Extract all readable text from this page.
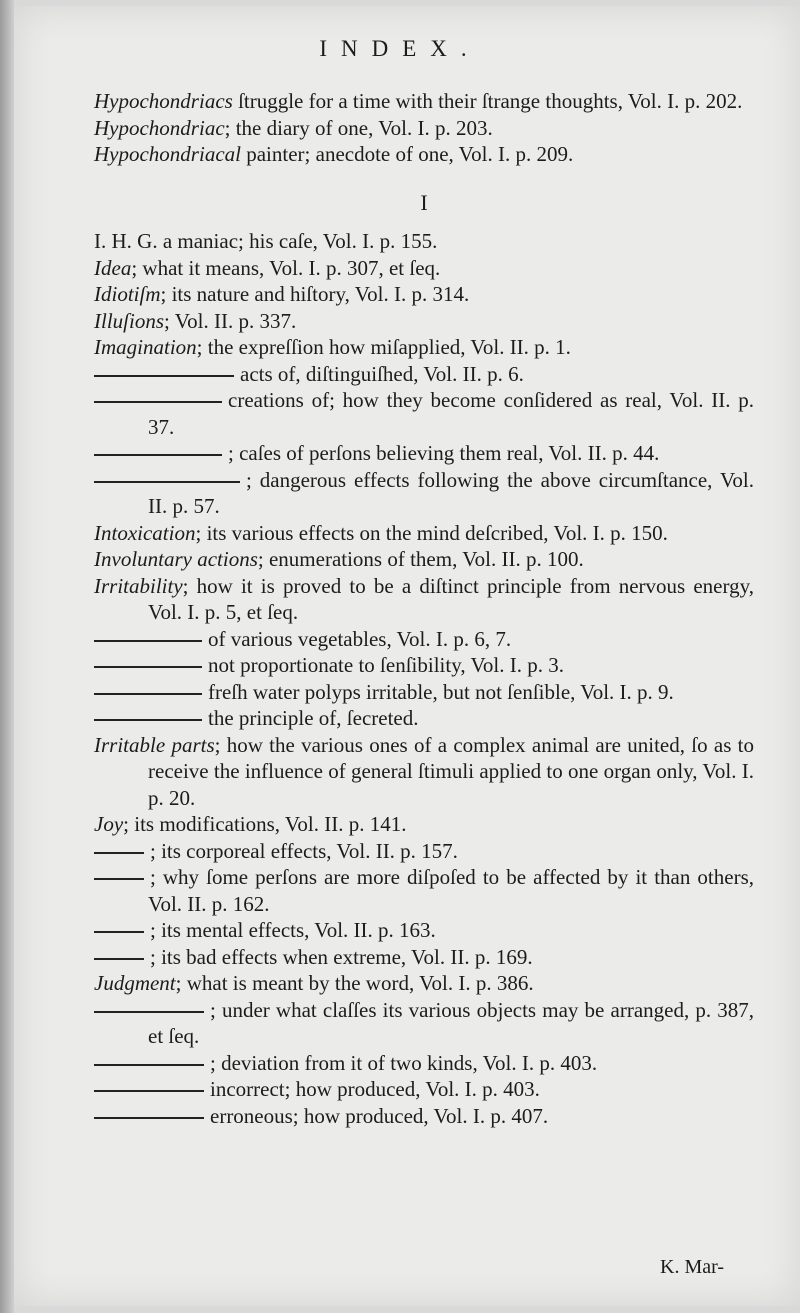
INDEX.
Hypochondriacs ſtruggle for a time with their ſtrange thoughts, Vol. I. p. 202.
Hypochondriac; the diary of one, Vol. I. p. 203.
Hypochondriacal painter; anecdote of one, Vol. I. p. 209.
I
I. H. G. a maniac; his caſe, Vol. I. p. 155.
Idea; what it means, Vol. I. p. 307, et ſeq.
Idiotiſm; its nature and hiſtory, Vol. I. p. 314.
Illuſions; Vol. II. p. 337.
Imagination; the expreſſion how miſapplied, Vol. II. p. 1.
acts of, diſtinguiſhed, Vol. II. p. 6.
creations of; how they become conſidered as real, Vol. II. p. 37.
; caſes of perſons believing them real, Vol. II. p. 44.
; dangerous effects following the above circumſtance, Vol. II. p. 57.
Intoxication; its various effects on the mind deſcribed, Vol. I. p. 150.
Involuntary actions; enumerations of them, Vol. II. p. 100.
Irritability; how it is proved to be a diſtinct principle from nervous energy, Vol. I. p. 5, et ſeq.
of various vegetables, Vol. I. p. 6, 7.
not proportionate to ſenſibility, Vol. I. p. 3.
freſh water polyps irritable, but not ſenſible, Vol. I. p. 9.
the principle of, ſecreted.
Irritable parts; how the various ones of a complex animal are united, ſo as to receive the influence of general ſtimuli applied to one organ only, Vol. I. p. 20.
Joy; its modifications, Vol. II. p. 141.
; its corporeal effects, Vol. II. p. 157.
; why ſome perſons are more diſpoſed to be affected by it than others, Vol. II. p. 162.
; its mental effects, Vol. II. p. 163.
; its bad effects when extreme, Vol. II. p. 169.
Judgment; what is meant by the word, Vol. I. p. 386.
; under what claſſes its various objects may be arranged, p. 387, et ſeq.
; deviation from it of two kinds, Vol. I. p. 403.
incorrect; how produced, Vol. I. p. 403.
erroneous; how produced, Vol. I. p. 407.
K. Mar-
